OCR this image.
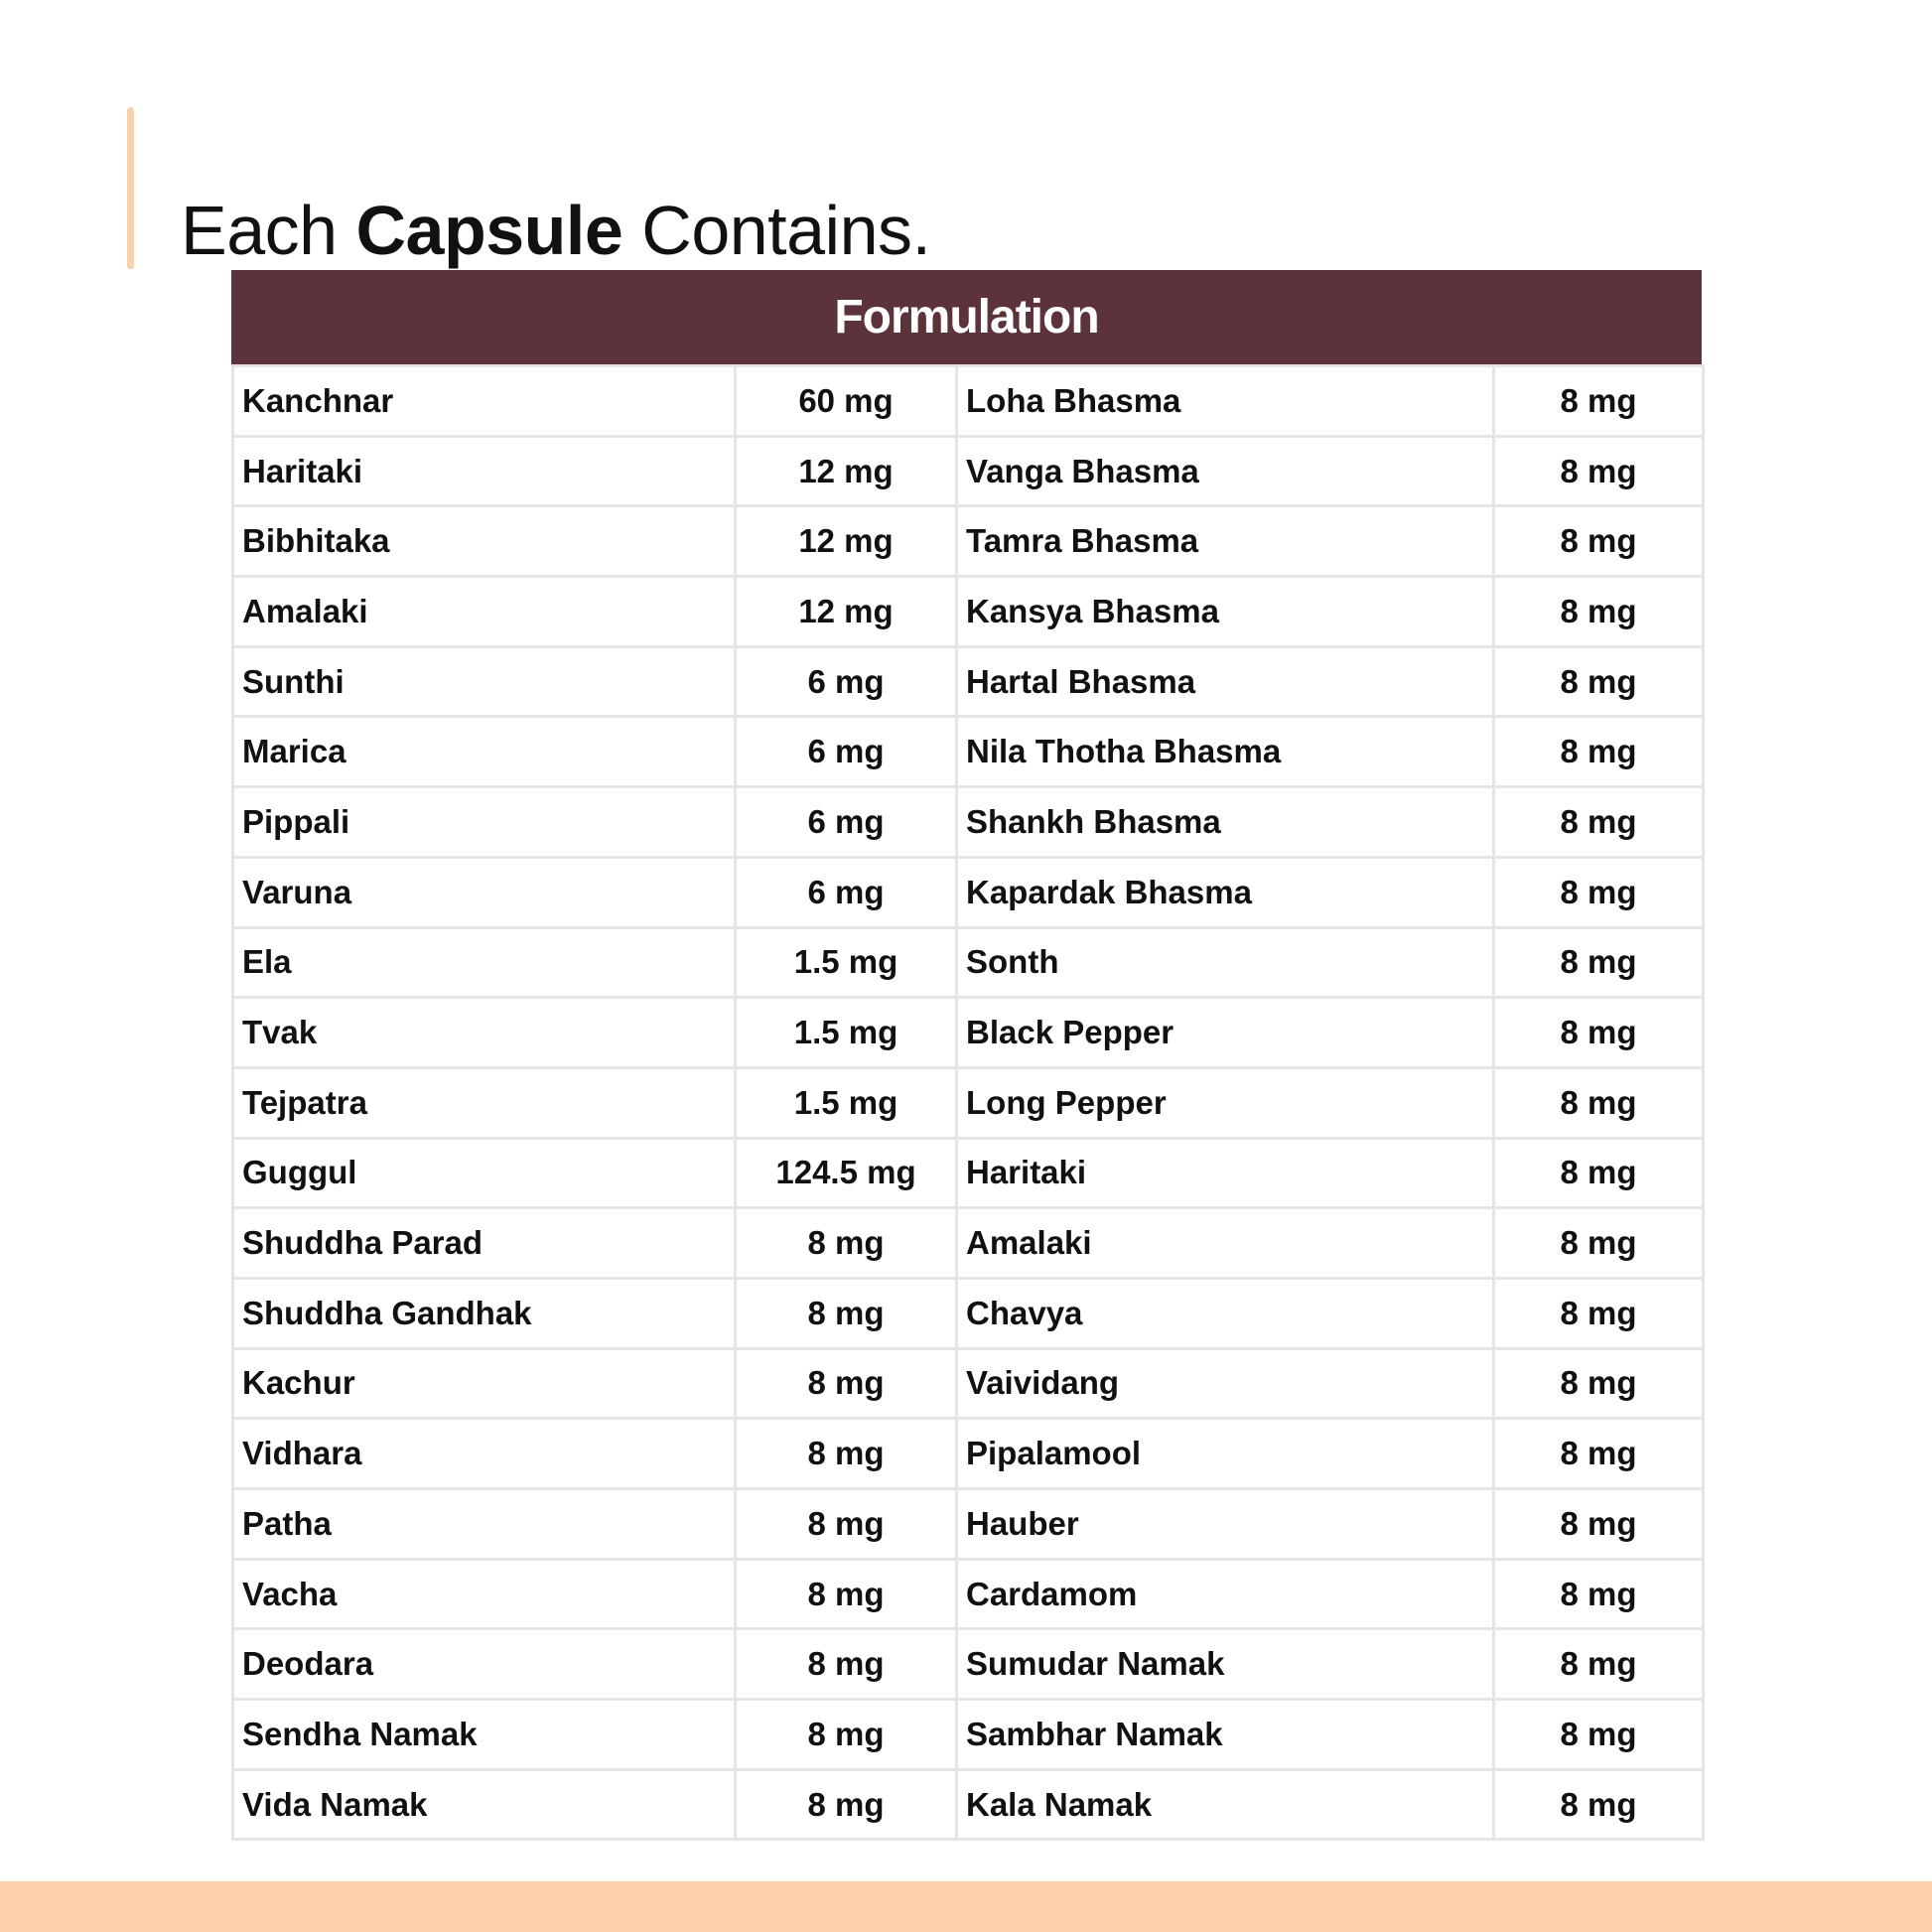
Each Capsule Contains.
Formulation
Kanchnar	60 mg	Loha Bhasma	8 mg
Haritaki	12 mg	Vanga Bhasma	8 mg
Bibhitaka	12 mg	Tamra Bhasma	8 mg
Amalaki	12 mg	Kansya Bhasma	8 mg
Sunthi	6 mg	Hartal Bhasma	8 mg
Marica	6 mg	Nila Thotha Bhasma	8 mg
Pippali	6 mg	Shankh Bhasma	8 mg
Varuna	6 mg	Kapardak Bhasma	8 mg
Ela	1.5 mg	Sonth	8 mg
Tvak	1.5 mg	Black Pepper	8 mg
Tejpatra	1.5 mg	Long Pepper	8 mg
Guggul	124.5 mg	Haritaki	8 mg
Shuddha Parad	8 mg	Amalaki	8 mg
Shuddha Gandhak	8 mg	Chavya	8 mg
Kachur	8 mg	Vaividang	8 mg
Vidhara	8 mg	Pipalamool	8 mg
Patha	8 mg	Hauber	8 mg
Vacha	8 mg	Cardamom	8 mg
Deodara	8 mg	Sumudar Namak	8 mg
Sendha Namak	8 mg	Sambhar Namak	8 mg
Vida Namak	8 mg	Kala Namak	8 mg
